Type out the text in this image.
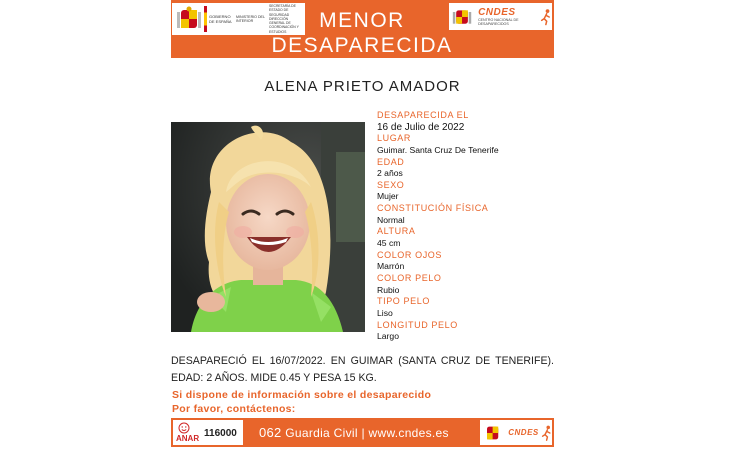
GOBIERNO DE ESPAÑA
MINISTERIO DEL INTERIOR
SECRETARÍA DE ESTADO DE SEGURIDAD
DIRECCIÓN GENERAL DE COORDINACIÓN Y ESTUDIOS	MENOR
DESAPARECIDA
CNDES
CENTRO NACIONAL DE DESAPARECIDOS
ALENA PRIETO AMADOR
DESAPARECIDA EL
16 de Julio de 2022
LUGAR
Guimar. Santa Cruz De Tenerife
EDAD
2 años
SEXO
Mujer
CONSTITUCIÓN FÍSICA
Normal
ALTURA
45 cm
COLOR OJOS
Marrón
COLOR PELO
Rubio
TIPO PELO
Liso
LONGITUD PELO
Largo
DESAPARECIÓ EL 16/07/2022. EN GUIMAR (SANTA CRUZ DE TENERIFE). EDAD: 2 AÑOS. MIDE 0.45 Y PESA 15 KG.
Si dispone de información sobre el desaparecido
Por favor, contáctenos:
ANAR 116000 062 Guardia Civil | www.cndes.es	CNDES
